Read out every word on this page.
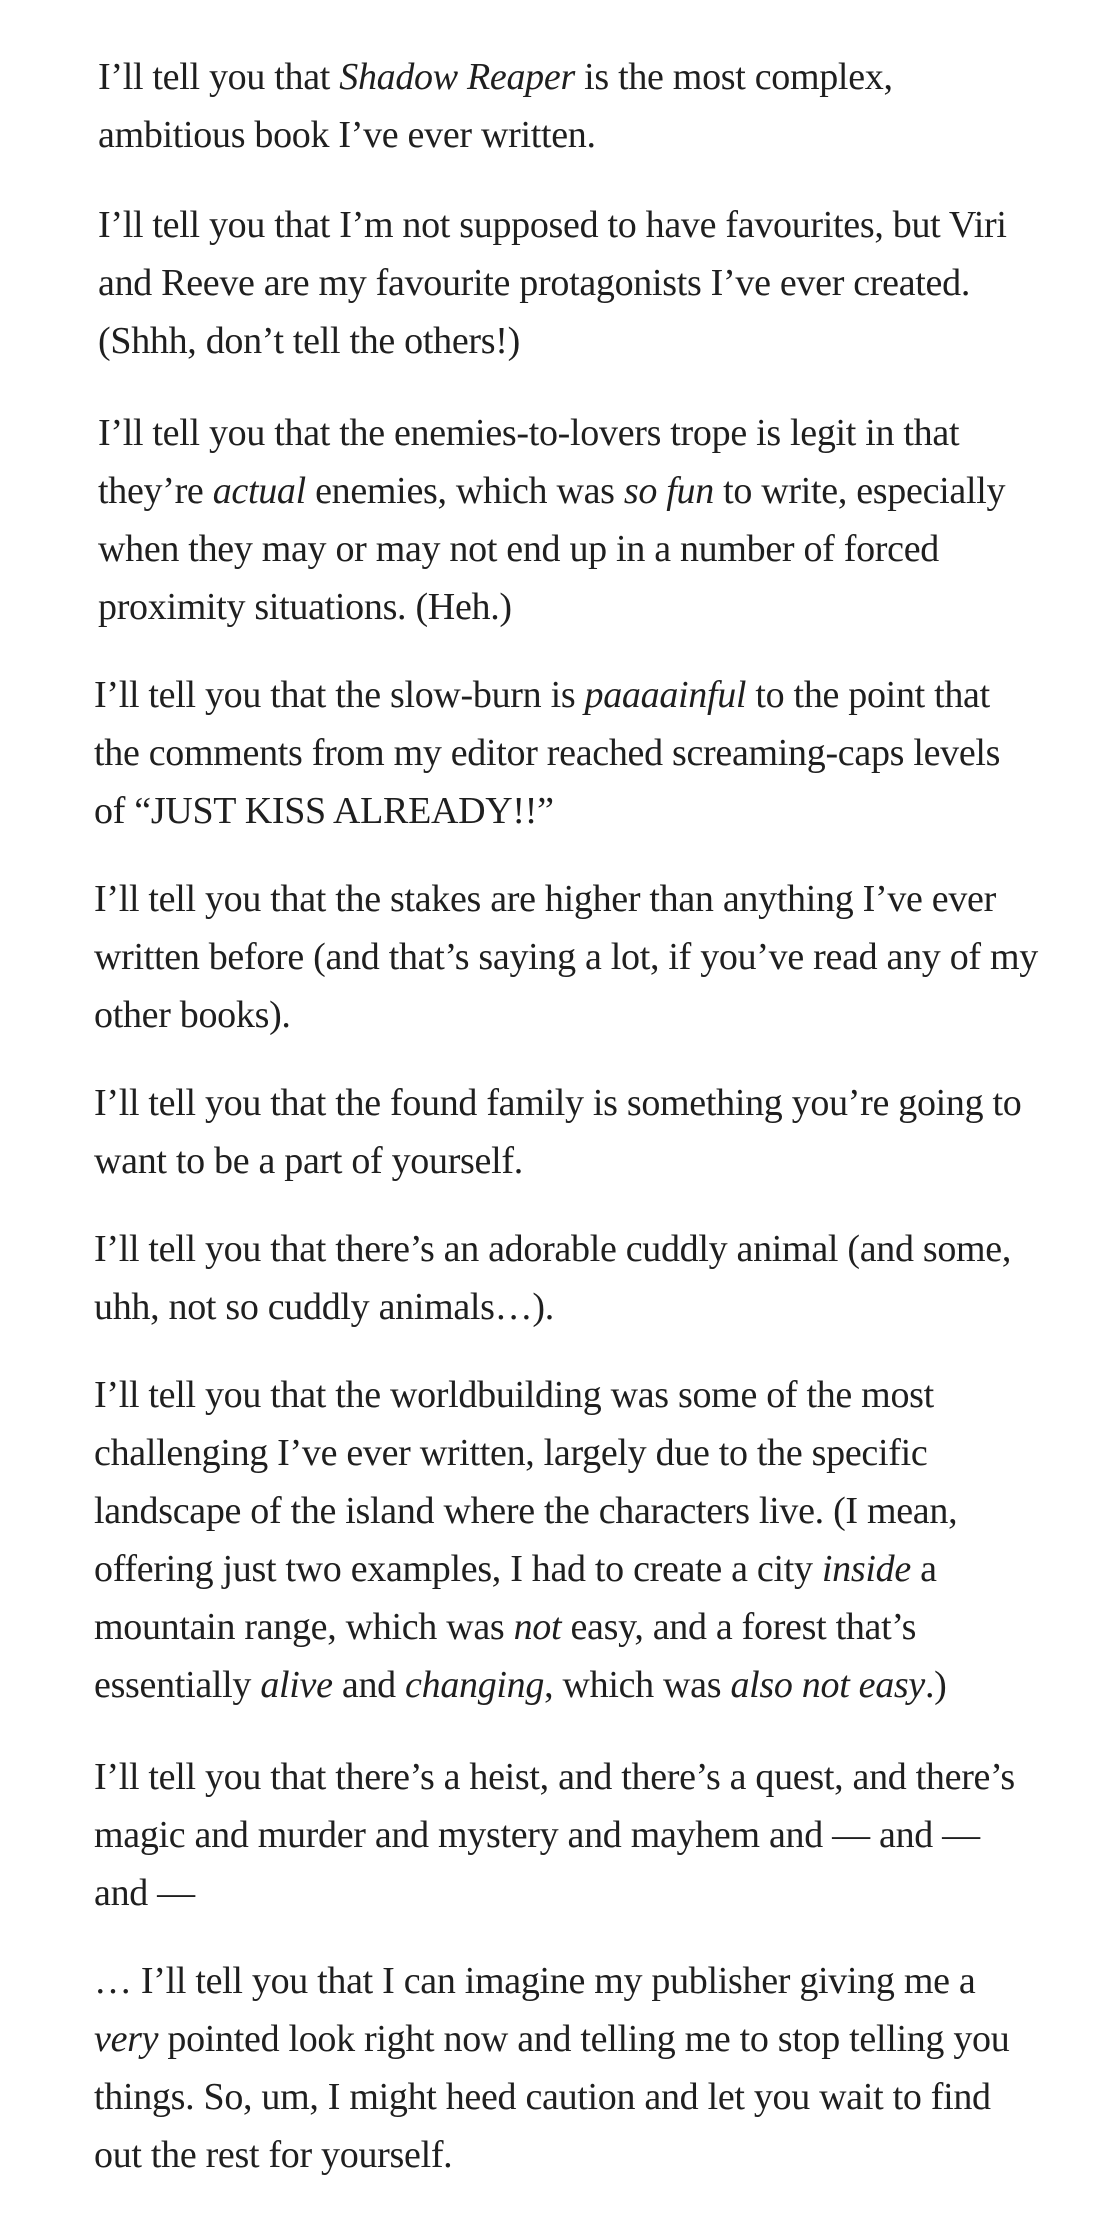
I’ll tell you that Shadow Reaper is the most complex,
ambitious book I’ve ever written.

I’ll tell you that I’m not supposed to have favourites, but Viri
and Reeve are my favourite protagonists I’ve ever created.
(Shhh, don’t tell the others!)

I’ll tell you that the enemies-to-lovers trope is legit in that
they’re actual enemies, which was so fun to write, especially
when they may or may not end up in a number of forced
proximity situations. (Heh.)

I’ll tell you that the slow-burn is paaaainful to the point that
the comments from my editor reached screaming-caps levels
of “JUST KISS ALREADY!!”

I’ll tell you that the stakes are higher than anything I’ve ever
written before (and that’s saying a lot, if you’ve read any of my
other books).

I’ll tell you that the found family is something you’re going to
want to be a part of yourself.

I’ll tell you that there’s an adorable cuddly animal (and some,
uhh, not so cuddly animals…).

I’ll tell you that the worldbuilding was some of the most
challenging I’ve ever written, largely due to the specific
landscape of the island where the characters live. (I mean,
offering just two examples, I had to create a city inside a
mountain range, which was not easy, and a forest that’s
essentially alive and changing, which was also not easy.)

I’ll tell you that there’s a heist, and there’s a quest, and there’s
magic and murder and mystery and mayhem and — and —
and —

… I’ll tell you that I can imagine my publisher giving me a
very pointed look right now and telling me to stop telling you
things. So, um, I might heed caution and let you wait to find
out the rest for yourself.
